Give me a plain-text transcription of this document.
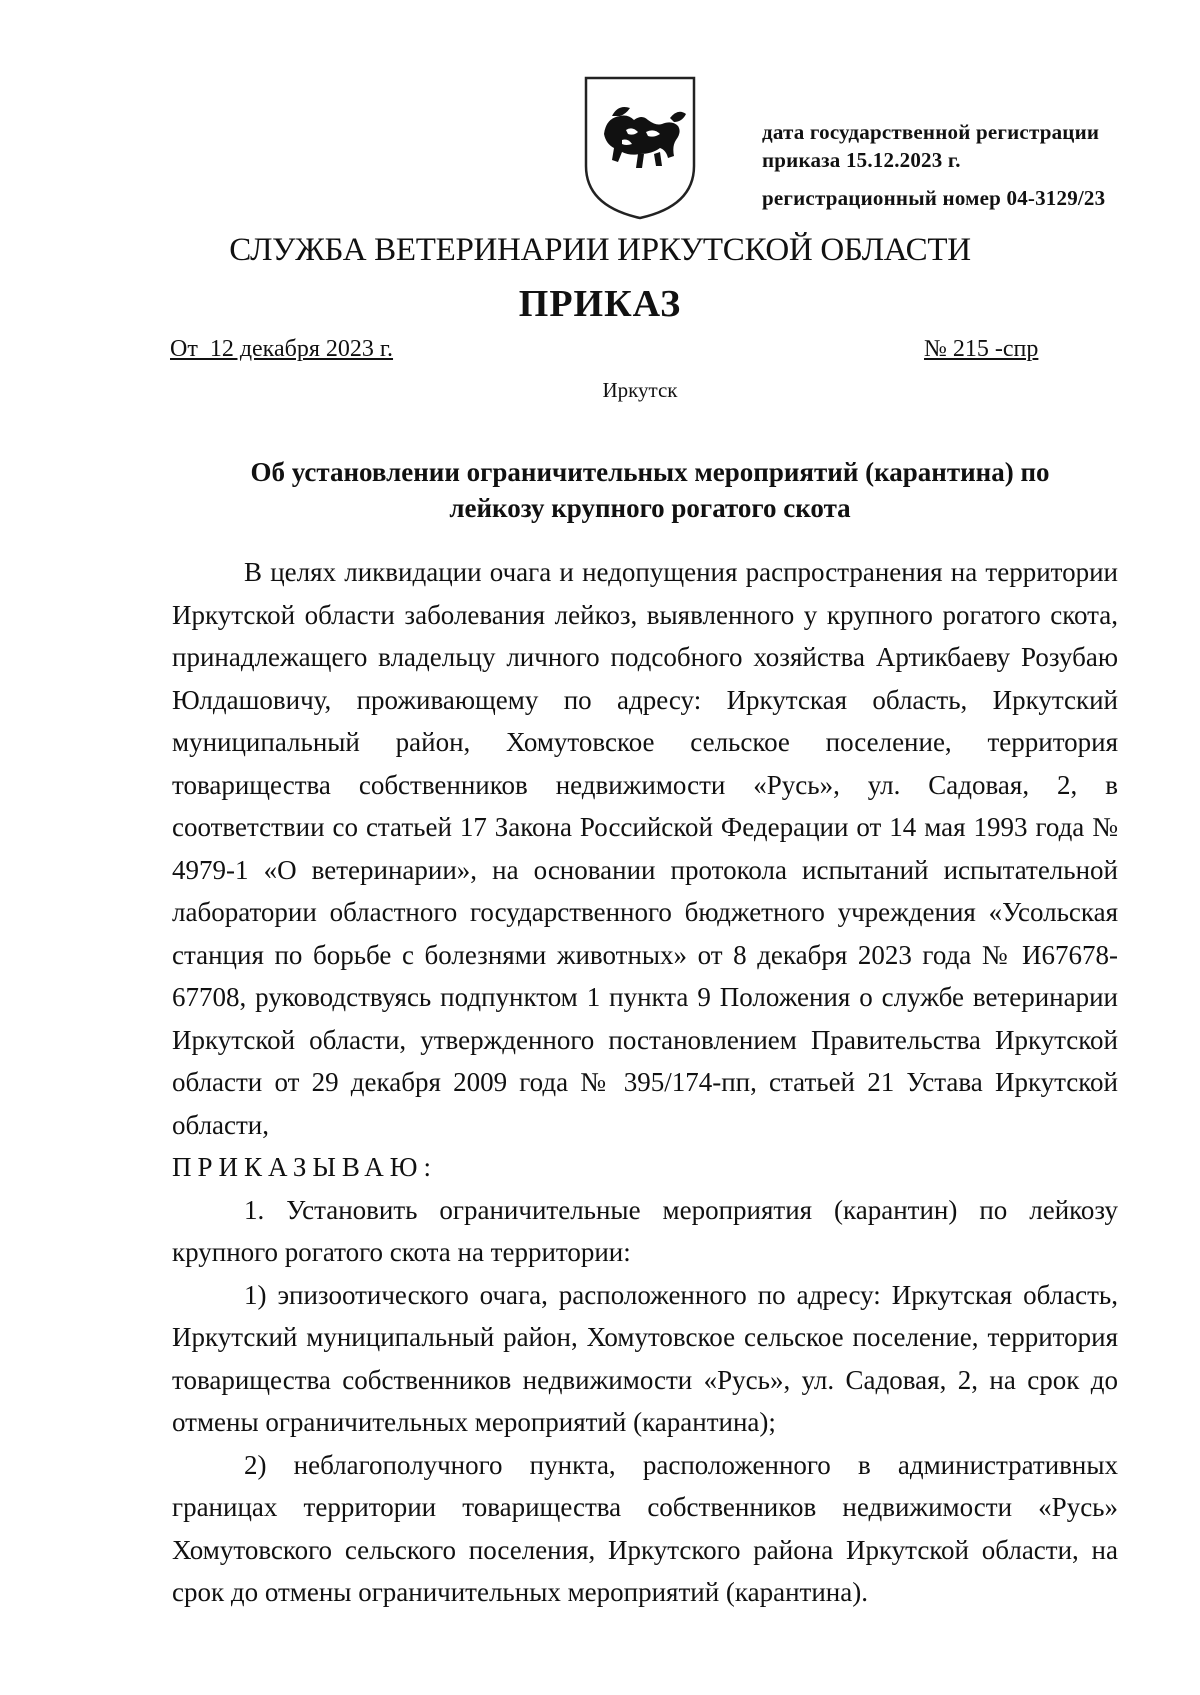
дата государственной регистрации
приказа 15.12.2023 г.
регистрационный номер 04-3129/23
СЛУЖБА ВЕТЕРИНАРИИ ИРКУТСКОЙ ОБЛАСТИ
ПРИКАЗ
От  12 декабря 2023 г.	№ 215 -спр
Иркутск
Об установлении ограничительных мероприятий (карантина) по
лейкозу крупного рогатого скота

В целях ликвидации очага и недопущения распространения на территории Иркутской области заболевания лейкоз, выявленного у крупного рогатого скота, принадлежащего владельцу личного подсобного хозяйства Артикбаеву Розубаю Юлдашовичу, проживающему по адресу: Иркутская область, Иркутский муниципальный район, Хомутовское сельское поселение, территория товарищества собственников недвижимости «Русь», ул. Садовая, 2, в соответствии со статьей 17 Закона Российской Федерации от 14 мая 1993 года № 4979-1 «О ветеринарии», на основании протокола испытаний испытательной лаборатории областного государственного бюджетного учреждения «Усольская станция по борьбе с болезнями животных» от 8 декабря 2023 года № И67678-67708, руководствуясь подпунктом 1 пункта 9 Положения о службе ветеринарии Иркутской области, утвержденного постановлением Правительства Иркутской области от 29 декабря 2009 года № 395/174-пп, статьей 21 Устава Иркутской области,

ПРИКАЗЫВАЮ:

1. Установить ограничительные мероприятия (карантин) по лейкозу крупного рогатого скота на территории:

1) эпизоотического очага, расположенного по адресу: Иркутская область, Иркутский муниципальный район, Хомутовское сельское поселение, территория товарищества собственников недвижимости «Русь», ул. Садовая, 2, на срок до отмены ограничительных мероприятий (карантина);

2) неблагополучного пункта, расположенного в административных границах территории товарищества собственников недвижимости «Русь» Хомутовского сельского поселения, Иркутского района Иркутской области, на срок до отмены ограничительных мероприятий (карантина).
